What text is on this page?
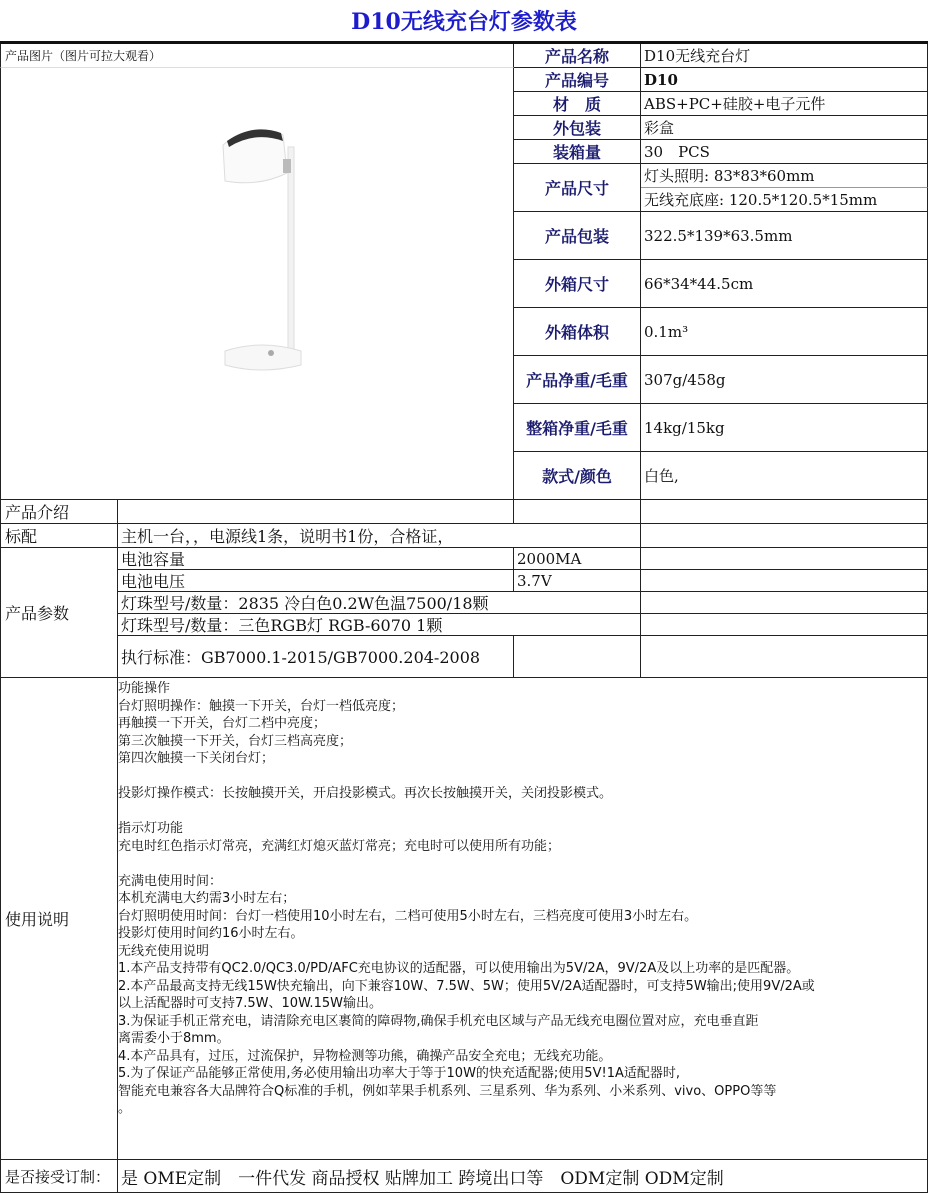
D10无线充台灯参数表
产品图片（图片可拉大观看）	产品名称	D10无线充台灯
产品编号	D10
材　质	ABS+PC+硅胶+电子元件
外包装	彩盒
装箱量	30　PCS
产品尺寸
灯头照明: 83*83*60mm
无线充底座: 120.5*120.5*15mm
产品包装	322.5*139*63.5mm
外箱尺寸	66*34*44.5cm
外箱体积	0.1m³
产品净重/毛重	307g/458g
整箱净重/毛重	14kg/15kg
款式/颜色	白色,
产品介绍
标配	主机一台，，电源线1条，说明书1份，合格证，
产品参数
电池容量	2000MA
电池电压	3.7V
灯珠型号/数量：2835 冷白色0.2W色温7500/18颗
灯珠型号/数量：三色RGB灯 RGB-6070 1颗
执行标准：GB7000.1-2015/GB7000.204-2008
使用说明
功能操作
台灯照明操作：触摸一下开关，台灯一档低亮度；
再触摸一下开关，台灯二档中亮度；
第三次触摸一下开关，台灯三档高亮度；
第四次触摸一下关闭台灯；

投影灯操作模式：长按触摸开关，开启投影模式。再次长按触摸开关，关闭投影模式。

指示灯功能
充电时红色指示灯常亮，充满红灯熄灭蓝灯常亮；充电时可以使用所有功能；

充满电使用时间：
本机充满电大约需3小时左右；
台灯照明使用时间：台灯一档使用10小时左右，二档可使用5小时左右，三档亮度可使用3小时左右。
投影灯使用时间约16小时左右。
无线充使用说明
1.本产品支持带有QC2.0/QC3.0/PD/AFC充电协议的适配器，可以使用输出为5V/2A，9V/2A及以上功率的是匹配器。
2.本产品最高支持无线15W快充输出，向下兼容10W、7.5W、5W；使用5V/2A适配器时，可支持5W输出;使用9V/2A或
以上活配器时可支持7.5W、10W.15W输出。
3.为保证手机正常充电，请清除充电区裹简的障碍物,确保手机充电区域与产品无线充电圈位置对应，充电垂直距
离需委小于8mm。
4.本产品具有，过压，过流保护，异物检测等功熊，确操产品安全充电；无线充功能。
5.为了保证产品能够正常使用,务必使用输出功率大于等于10W的快充适配器;使用5V!1A适配器时,
智能充电兼容各大品牌符合Q标准的手机，例如苹果手机系列、三星系列、华为系列、小米系列、vivo、OPPO等等
。
是否接受订制： 是 OME定制　一件代发 商品授权 贴牌加工 跨境出口等　ODM定制 ODM定制
